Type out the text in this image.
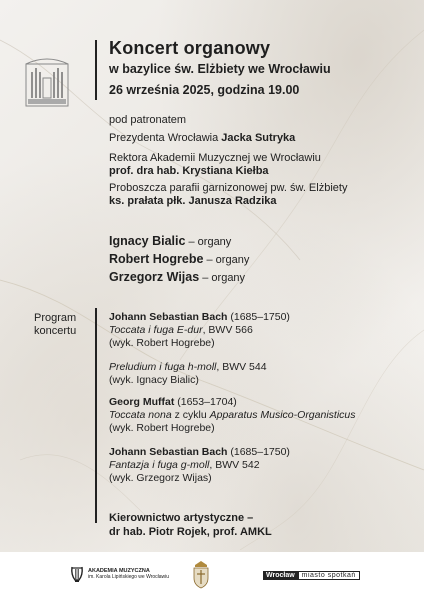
Koncert organowy
w bazylice św. Elżbiety we Wrocławiu
26 września 2025, godzina 19.00
pod patronatem
Prezydenta Wrocławia Jacka Sutryka
Rektora Akademii Muzycznej we Wrocławiu
prof. dra hab. Krystiana Kiełba
Proboszcza parafii garnizonowej pw. św. Elżbiety
ks. prałata płk. Janusza Radzika
Ignacy Bialic – organy
Robert Hogrebe – organy
Grzegorz Wijas – organy
Program
koncertu
Johann Sebastian Bach (1685–1750)
Toccata i fuga E-dur, BWV 566
(wyk. Robert Hogrebe)
Preludium i fuga h-moll, BWV 544
(wyk. Ignacy Bialic)
Georg Muffat (1653–1704)
Toccata nona z cyklu Apparatus Musico-Organisticus
(wyk. Robert Hogrebe)
Johann Sebastian Bach (1685–1750)
Fantazja i fuga g-moll, BWV 542
(wyk. Grzegorz Wijas)
Kierownictwo artystyczne –
dr hab. Piotr Rojek, prof. AMKL
AKADEMIA MUZYCZNA
im. Karola Lipińskiego we Wrocławiu	Wrocław	miasto spotkań
